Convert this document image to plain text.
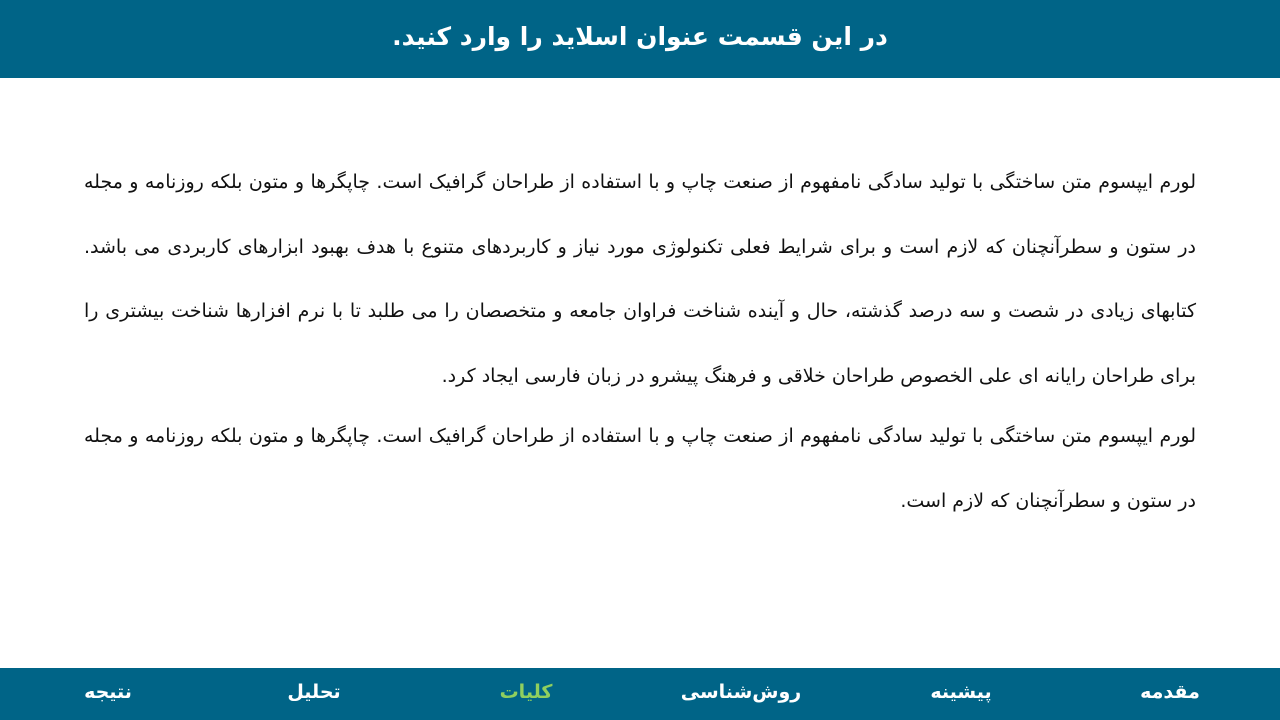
در این قسمت عنوان اسلاید را وارد کنید.

لورم ایپسوم متن ساختگی با تولید سادگی نامفهوم از صنعت چاپ و با استفاده از طراحان گرافیک است. چاپگرها و متون بلکه روزنامه و مجله در ستون و سطرآنچنان که لازم است و برای شرایط فعلی تکنولوژی مورد نیاز و کاربردهای متنوع با هدف بهبود ابزارهای کاربردی می باشد. کتابهای زیادی در شصت و سه درصد گذشته، حال و آینده شناخت فراوان جامعه و متخصصان را می طلبد تا با نرم افزارها شناخت بیشتری را برای طراحان رایانه ای علی الخصوص طراحان خلاقی و فرهنگ پیشرو در زبان فارسی ایجاد کرد.

لورم ایپسوم متن ساختگی با تولید سادگی نامفهوم از صنعت چاپ و با استفاده از طراحان گرافیک است. چاپگرها و متون بلکه روزنامه و مجله در ستون و سطرآنچنان که لازم است.

مقدمه
پیشینه
روش‌شناسی
کلیات
تحلیل
نتیجه
